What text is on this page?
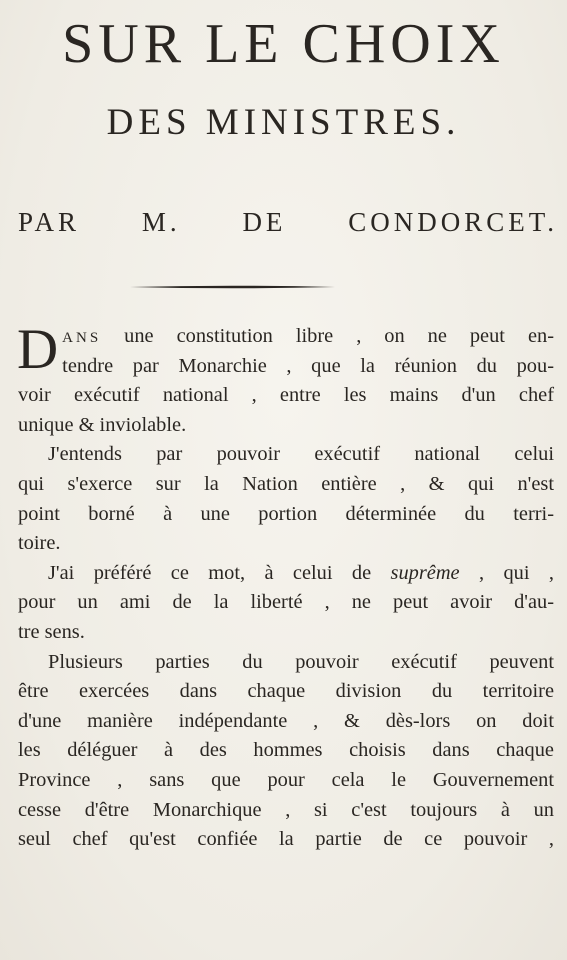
SUR LE CHOIX
DES MINISTRES.
PAR M. DE CONDORCET.
D ANS une constitution libre , on ne peut en-
tendre par Monarchie , que la réunion du pou-
voir exécutif national , entre les mains d'un chef
unique & inviolable.
J'entends par pouvoir exécutif national celui
qui s'exerce sur la Nation entière , & qui n'est
point borné à une portion déterminée du terri-
toire.
J'ai préféré ce mot, à celui de suprême , qui ,
pour un ami de la liberté , ne peut avoir d'au-
tre sens.
Plusieurs parties du pouvoir exécutif peuvent
être exercées dans chaque division du territoire
d'une manière indépendante , & dès-lors on doit
les déléguer à des hommes choisis dans chaque
Province , sans que pour cela le Gouvernement
cesse d'être Monarchique , si c'est toujours à un
seul chef qu'est confiée la partie de ce pouvoir ,
